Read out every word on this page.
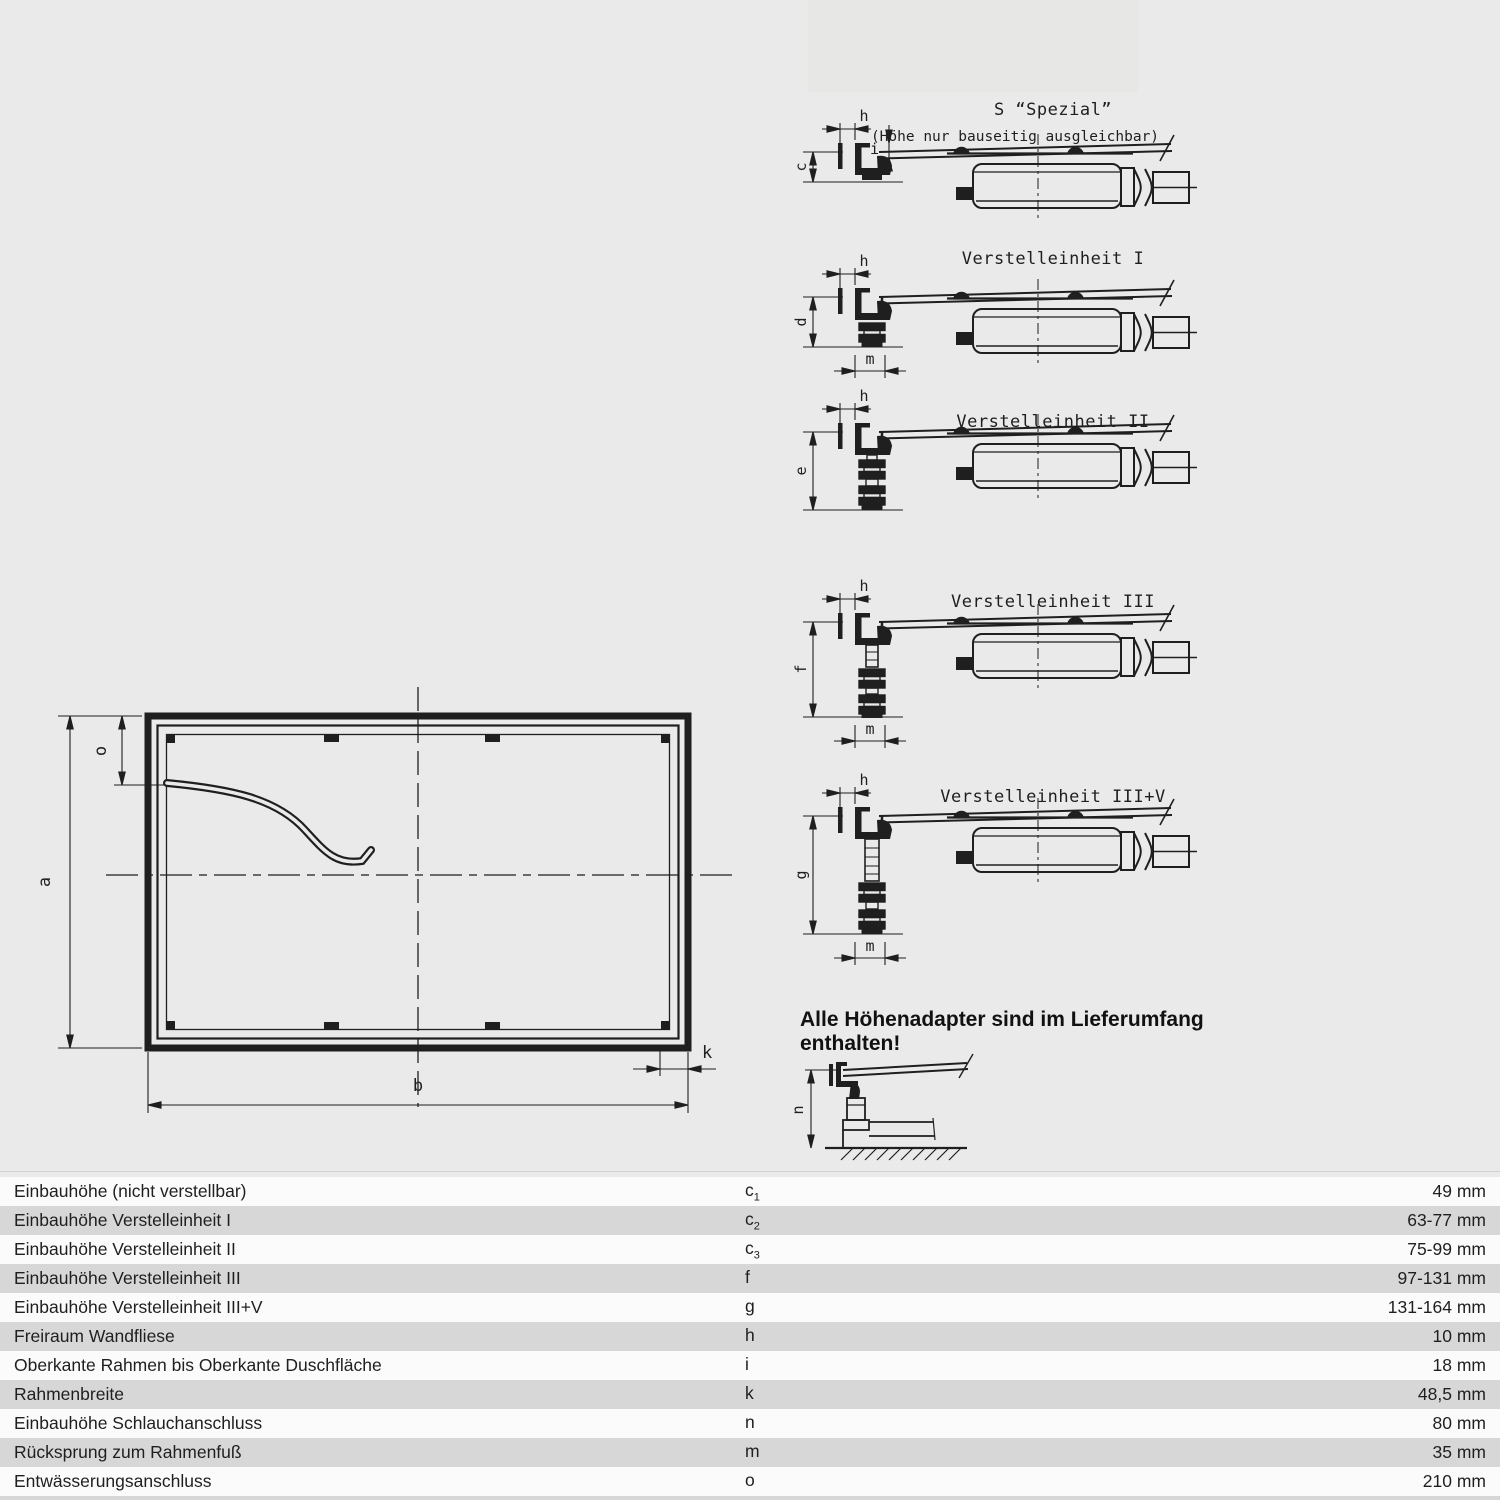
S “Spezial”
(Höhe nur bauseitig ausgleichbar)
h
i
c
Verstelleinheit I
h
d
m
Verstelleinheit II
h
e
Verstelleinheit III
h
f
m
Verstelleinheit III+V
h
g
m
a
o
b
k
Alle Höhenadapter sind im Lieferumfang enthalten!
n
Einbauhöhe (nicht verstellbar)	$c_1$	49 mm
Einbauhöhe Verstelleinheit I	$c_2$	63-77 mm
Einbauhöhe Verstelleinheit II	$c_3$	75-99 mm
Einbauhöhe Verstelleinheit III	f	97-131 mm
Einbauhöhe Verstelleinheit III+V	g	131-164 mm
Freiraum Wandfliese	h	10 mm
Oberkante Rahmen bis Oberkante Duschfläche	i	18 mm
Rahmenbreite	k	48,5 mm
Einbauhöhe Schlauchanschluss	n	80 mm
Rücksprung zum Rahmenfuß	m	35 mm
Entwässerungsanschluss	o	210 mm
